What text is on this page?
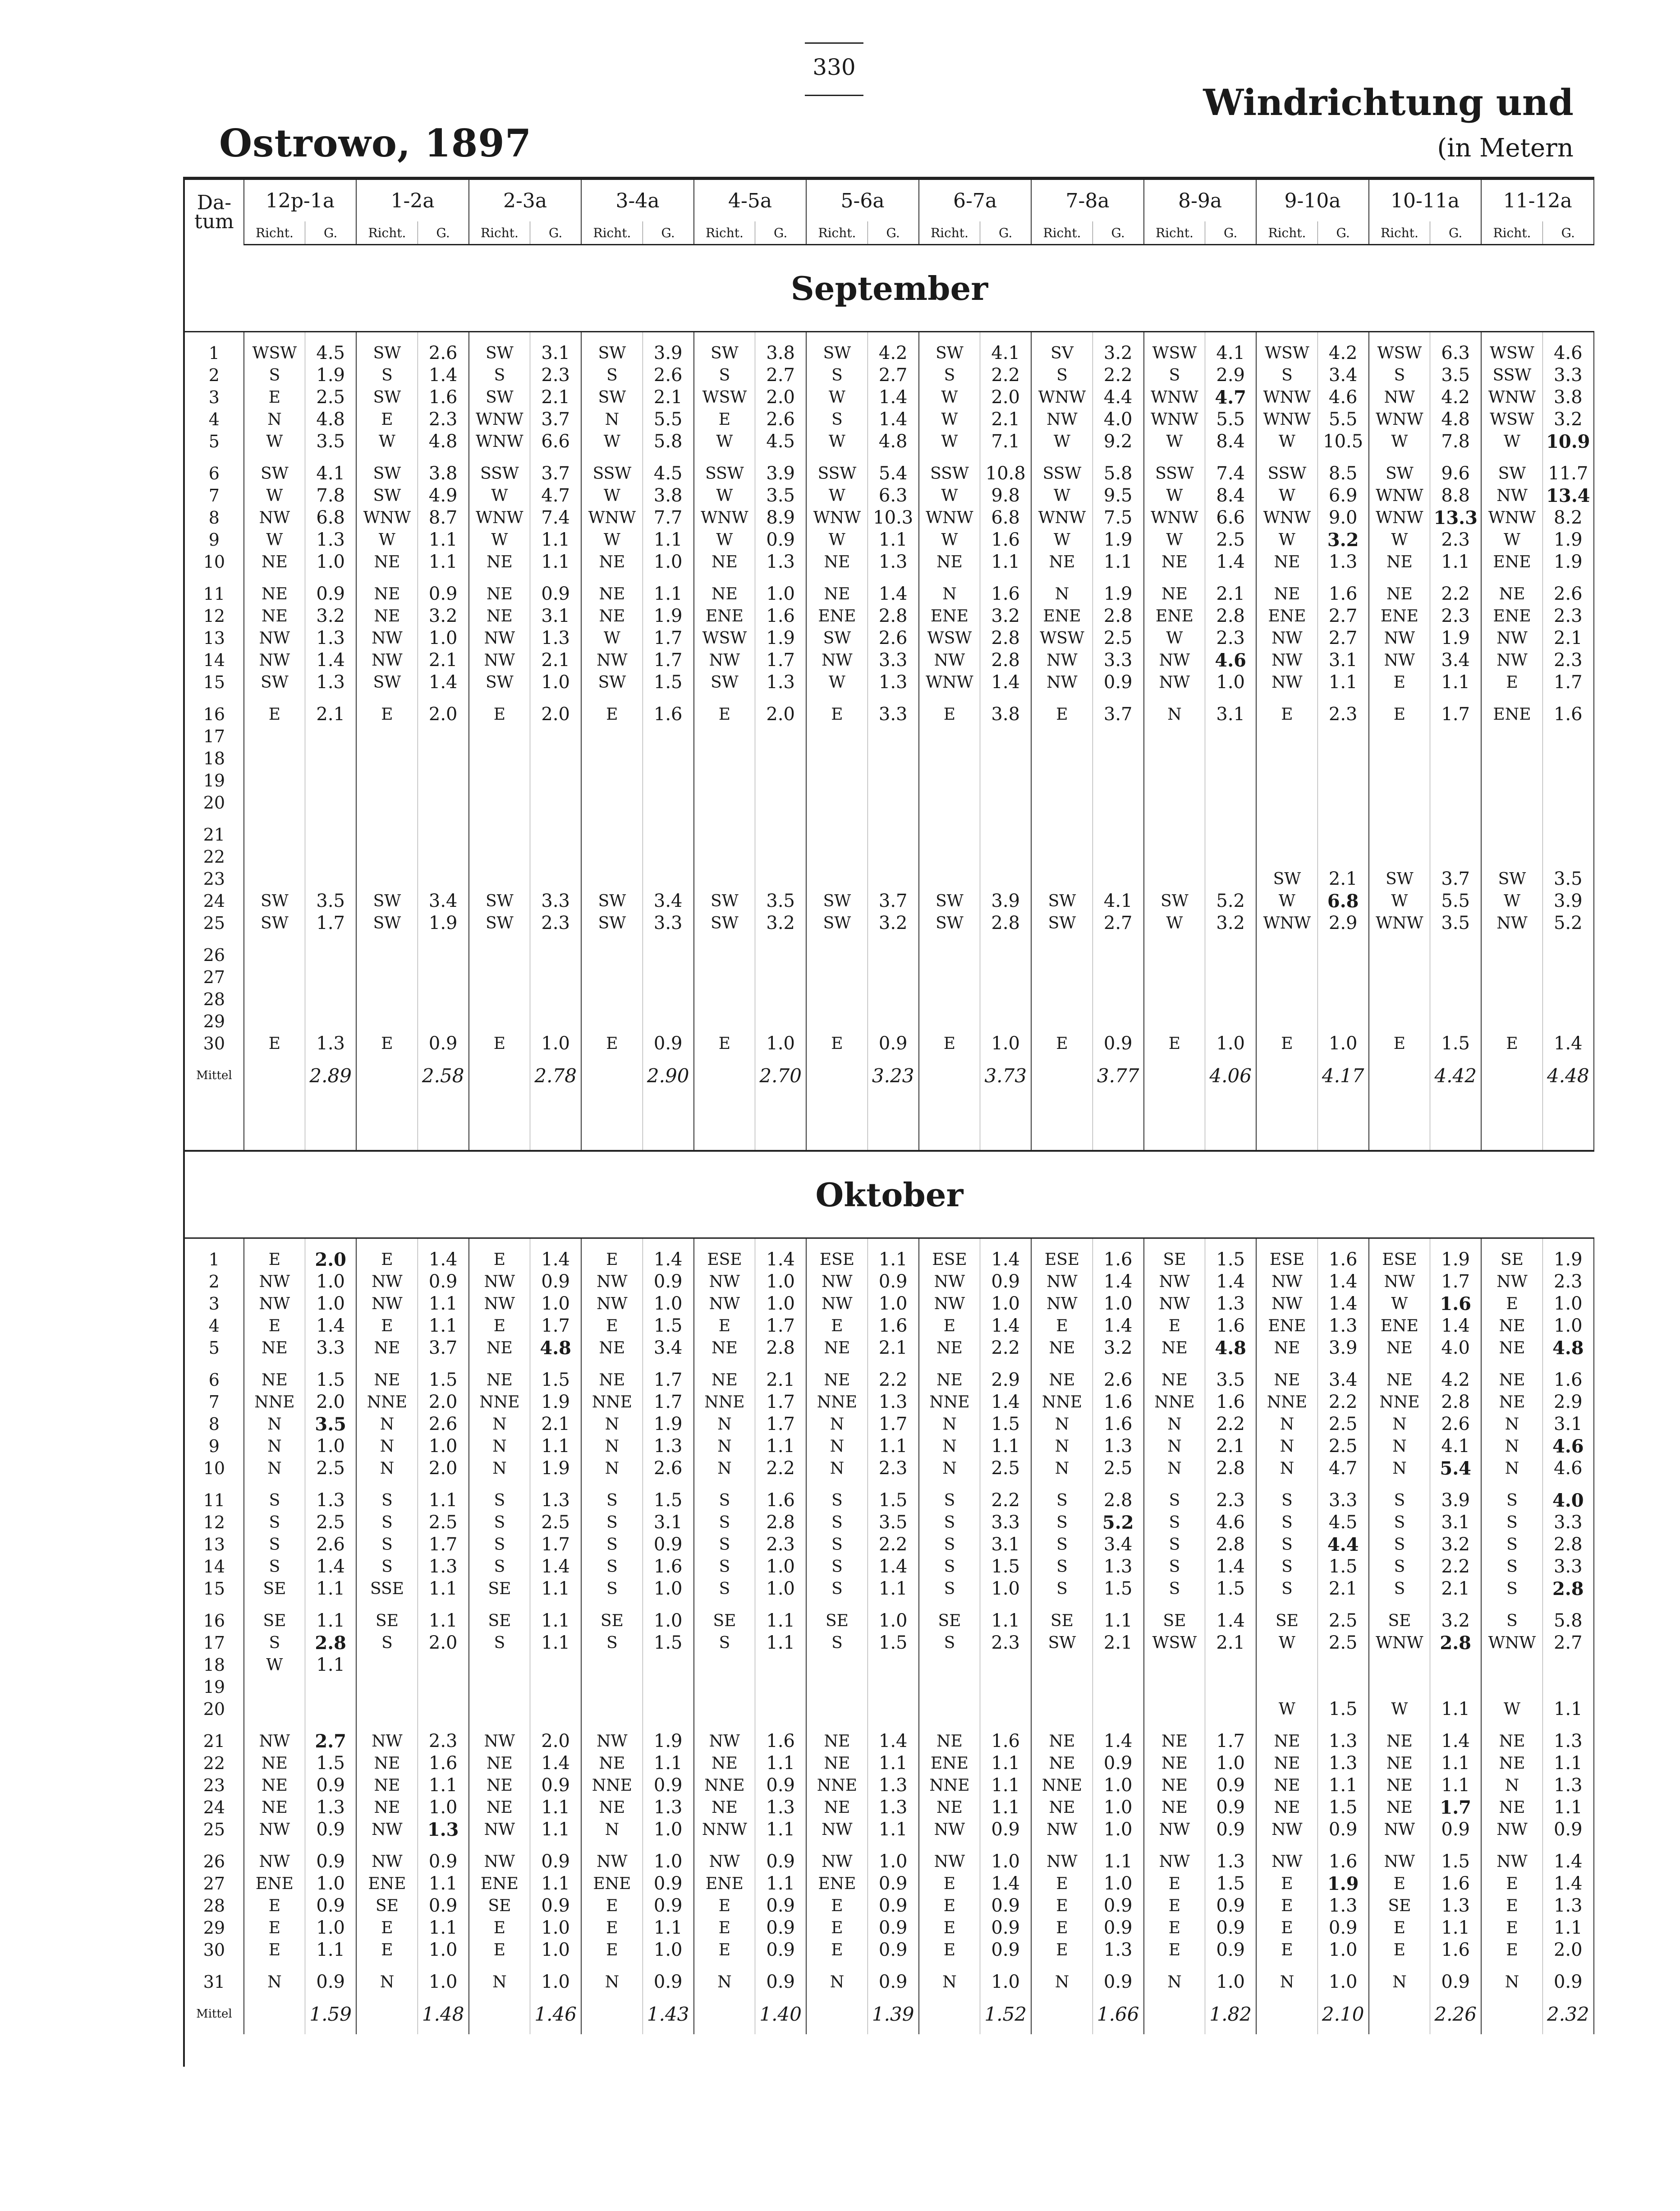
330
Windrichtung und
(in Metern
Ostrowo, 1897
Da- tum	12p-1a		1-2a		2-3a		3-4a		4-5a		5-6a		6-7a		7-8a		8-9a		9-10a		10-11a		11-12a	
	Richt.	G.	Richt.	G.	Richt.	G.	Richt.	G.	Richt.	G.	Richt.	G.	Richt.	G.	Richt.	G.	Richt.	G.	Richt.	G.	Richt.	G.	Richt.	G.
September																								

1	WSW	4.5	SW	2.6	SW	3.1	SW	3.9	SW	3.8	SW	4.2	SW	4.1	SV	3.2	WSW	4.1	WSW	4.2	WSW	6.3	WSW	4.6
2	S	1.9	S	1.4	S	2.3	S	2.6	S	2.7	S	2.7	S	2.2	S	2.2	S	2.9	S	3.4	S	3.5	SSW	3.3
3	E	2.5	SW	1.6	SW	2.1	SW	2.1	WSW	2.0	W	1.4	W	2.0	WNW	4.4	WNW	4.7	WNW	4.6	NW	4.2	WNW	3.8
4	N	4.8	E	2.3	WNW	3.7	N	5.5	E	2.6	S	1.4	W	2.1	NW	4.0	WNW	5.5	WNW	5.5	WNW	4.8	WSW	3.2
5	W	3.5	W	4.8	WNW	6.6	W	5.8	W	4.5	W	4.8	W	7.1	W	9.2	W	8.4	W	10.5	W	7.8	W	10.9

6	SW	4.1	SW	3.8	SSW	3.7	SSW	4.5	SSW	3.9	SSW	5.4	SSW	10.8	SSW	5.8	SSW	7.4	SSW	8.5	SW	9.6	SW	11.7
7	W	7.8	SW	4.9	W	4.7	W	3.8	W	3.5	W	6.3	W	9.8	W	9.5	W	8.4	W	6.9	WNW	8.8	NW	13.4
8	NW	6.8	WNW	8.7	WNW	7.4	WNW	7.7	WNW	8.9	WNW	10.3	WNW	6.8	WNW	7.5	WNW	6.6	WNW	9.0	WNW	13.3	WNW	8.2
9	W	1.3	W	1.1	W	1.1	W	1.1	W	0.9	W	1.1	W	1.6	W	1.9	W	2.5	W	3.2	W	2.3	W	1.9
10	NE	1.0	NE	1.1	NE	1.1	NE	1.0	NE	1.3	NE	1.3	NE	1.1	NE	1.1	NE	1.4	NE	1.3	NE	1.1	ENE	1.9

11	NE	0.9	NE	0.9	NE	0.9	NE	1.1	NE	1.0	NE	1.4	N	1.6	N	1.9	NE	2.1	NE	1.6	NE	2.2	NE	2.6
12	NE	3.2	NE	3.2	NE	3.1	NE	1.9	ENE	1.6	ENE	2.8	ENE	3.2	ENE	2.8	ENE	2.8	ENE	2.7	ENE	2.3	ENE	2.3
13	NW	1.3	NW	1.0	NW	1.3	W	1.7	WSW	1.9	SW	2.6	WSW	2.8	WSW	2.5	W	2.3	NW	2.7	NW	1.9	NW	2.1
14	NW	1.4	NW	2.1	NW	2.1	NW	1.7	NW	1.7	NW	3.3	NW	2.8	NW	3.3	NW	4.6	NW	3.1	NW	3.4	NW	2.3
15	SW	1.3	SW	1.4	SW	1.0	SW	1.5	SW	1.3	W	1.3	WNW	1.4	NW	0.9	NW	1.0	NW	1.1	E	1.1	E	1.7

16	E	2.1	E	2.0	E	2.0	E	1.6	E	2.0	E	3.3	E	3.8	E	3.7	N	3.1	E	2.3	E	1.7	ENE	1.6
17																								
18																								
19																								
20																								

21																								
22																								
23																			SW	2.1	SW	3.7	SW	3.5
24	SW	3.5	SW	3.4	SW	3.3	SW	3.4	SW	3.5	SW	3.7	SW	3.9	SW	4.1	SW	5.2	W	6.8	W	5.5	W	3.9
25	SW	1.7	SW	1.9	SW	2.3	SW	3.3	SW	3.2	SW	3.2	SW	2.8	SW	2.7	W	3.2	WNW	2.9	WNW	3.5	NW	5.2

26																								
27																								
28																								
29																								
30	E	1.3	E	0.9	E	1.0	E	0.9	E	1.0	E	0.9	E	1.0	E	0.9	E	1.0	E	1.0	E	1.5	E	1.4
Mittel		2.89		2.58		2.78		2.90		2.70		3.23		3.73		3.77		4.06		4.17		4.42		4.48

Oktober																								

1	E	2.0	E	1.4	E	1.4	E	1.4	ESE	1.4	ESE	1.1	ESE	1.4	ESE	1.6	SE	1.5	ESE	1.6	ESE	1.9	SE	1.9
2	NW	1.0	NW	0.9	NW	0.9	NW	0.9	NW	1.0	NW	0.9	NW	0.9	NW	1.4	NW	1.4	NW	1.4	NW	1.7	NW	2.3
3	NW	1.0	NW	1.1	NW	1.0	NW	1.0	NW	1.0	NW	1.0	NW	1.0	NW	1.0	NW	1.3	NW	1.4	W	1.6	E	1.0
4	E	1.4	E	1.1	E	1.7	E	1.5	E	1.7	E	1.6	E	1.4	E	1.4	E	1.6	ENE	1.3	ENE	1.4	NE	1.0
5	NE	3.3	NE	3.7	NE	4.8	NE	3.4	NE	2.8	NE	2.1	NE	2.2	NE	3.2	NE	4.8	NE	3.9	NE	4.0	NE	4.8

6	NE	1.5	NE	1.5	NE	1.5	NE	1.7	NE	2.1	NE	2.2	NE	2.9	NE	2.6	NE	3.5	NE	3.4	NE	4.2	NE	1.6
7	NNE	2.0	NNE	2.0	NNE	1.9	NNE	1.7	NNE	1.7	NNE	1.3	NNE	1.4	NNE	1.6	NNE	1.6	NNE	2.2	NNE	2.8	NE	2.9
8	N	3.5	N	2.6	N	2.1	N	1.9	N	1.7	N	1.7	N	1.5	N	1.6	N	2.2	N	2.5	N	2.6	N	3.1
9	N	1.0	N	1.0	N	1.1	N	1.3	N	1.1	N	1.1	N	1.1	N	1.3	N	2.1	N	2.5	N	4.1	N	4.6
10	N	2.5	N	2.0	N	1.9	N	2.6	N	2.2	N	2.3	N	2.5	N	2.5	N	2.8	N	4.7	N	5.4	N	4.6

11	S	1.3	S	1.1	S	1.3	S	1.5	S	1.6	S	1.5	S	2.2	S	2.8	S	2.3	S	3.3	S	3.9	S	4.0
12	S	2.5	S	2.5	S	2.5	S	3.1	S	2.8	S	3.5	S	3.3	S	5.2	S	4.6	S	4.5	S	3.1	S	3.3
13	S	2.6	S	1.7	S	1.7	S	0.9	S	2.3	S	2.2	S	3.1	S	3.4	S	2.8	S	4.4	S	3.2	S	2.8
14	S	1.4	S	1.3	S	1.4	S	1.6	S	1.0	S	1.4	S	1.5	S	1.3	S	1.4	S	1.5	S	2.2	S	3.3
15	SE	1.1	SSE	1.1	SE	1.1	S	1.0	S	1.0	S	1.1	S	1.0	S	1.5	S	1.5	S	2.1	S	2.1	S	2.8

16	SE	1.1	SE	1.1	SE	1.1	SE	1.0	SE	1.1	SE	1.0	SE	1.1	SE	1.1	SE	1.4	SE	2.5	SE	3.2	S	5.8
17	S	2.8	S	2.0	S	1.1	S	1.5	S	1.1	S	1.5	S	2.3	SW	2.1	WSW	2.1	W	2.5	WNW	2.8	WNW	2.7
18	W	1.1																						
19																								
20																			W	1.5	W	1.1	W	1.1

21	NW	2.7	NW	2.3	NW	2.0	NW	1.9	NW	1.6	NE	1.4	NE	1.6	NE	1.4	NE	1.7	NE	1.3	NE	1.4	NE	1.3
22	NE	1.5	NE	1.6	NE	1.4	NE	1.1	NE	1.1	NE	1.1	ENE	1.1	NE	0.9	NE	1.0	NE	1.3	NE	1.1	NE	1.1
23	NE	0.9	NE	1.1	NE	0.9	NNE	0.9	NNE	0.9	NNE	1.3	NNE	1.1	NNE	1.0	NE	0.9	NE	1.1	NE	1.1	N	1.3
24	NE	1.3	NE	1.0	NE	1.1	NE	1.3	NE	1.3	NE	1.3	NE	1.1	NE	1.0	NE	0.9	NE	1.5	NE	1.7	NE	1.1
25	NW	0.9	NW	1.3	NW	1.1	N	1.0	NNW	1.1	NW	1.1	NW	0.9	NW	1.0	NW	0.9	NW	0.9	NW	0.9	NW	0.9

26	NW	0.9	NW	0.9	NW	0.9	NW	1.0	NW	0.9	NW	1.0	NW	1.0	NW	1.1	NW	1.3	NW	1.6	NW	1.5	NW	1.4
27	ENE	1.0	ENE	1.1	ENE	1.1	ENE	0.9	ENE	1.1	ENE	0.9	E	1.4	E	1.0	E	1.5	E	1.9	E	1.6	E	1.4
28	E	0.9	SE	0.9	SE	0.9	E	0.9	E	0.9	E	0.9	E	0.9	E	0.9	E	0.9	E	1.3	SE	1.3	E	1.3
29	E	1.0	E	1.1	E	1.0	E	1.1	E	0.9	E	0.9	E	0.9	E	0.9	E	0.9	E	0.9	E	1.1	E	1.1
30	E	1.1	E	1.0	E	1.0	E	1.0	E	0.9	E	0.9	E	0.9	E	1.3	E	0.9	E	1.0	E	1.6	E	2.0

31	N	0.9	N	1.0	N	1.0	N	0.9	N	0.9	N	0.9	N	1.0	N	0.9	N	1.0	N	1.0	N	0.9	N	0.9
Mittel		1.59		1.48		1.46		1.43		1.40		1.39		1.52		1.66		1.82		2.10		2.26		2.32
